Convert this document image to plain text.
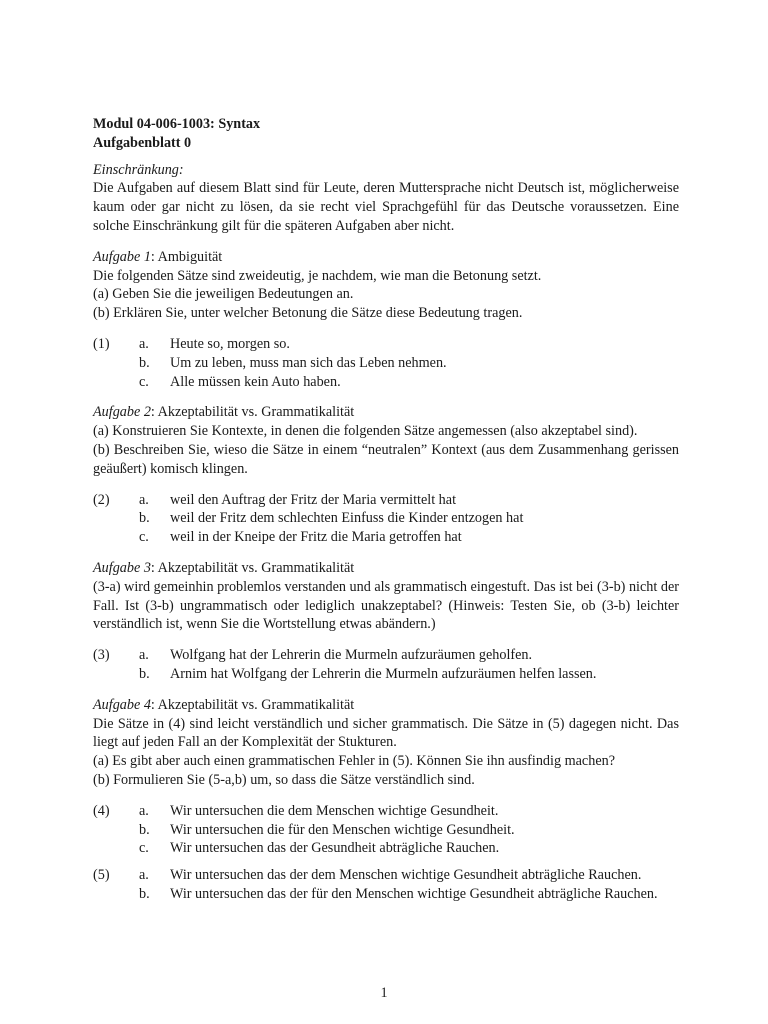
Modul 04-006-1003: Syntax
Aufgabenblatt 0
Einschränkung:
Die Aufgaben auf diesem Blatt sind für Leute, deren Muttersprache nicht Deutsch ist, möglicherweise kaum oder gar nicht zu lösen, da sie recht viel Sprachgefühl für das Deutsche voraussetzen. Eine solche Einschränkung gilt für die späteren Aufgaben aber nicht.
Aufgabe 1: Ambiguität
Die folgenden Sätze sind zweideutig, je nachdem, wie man die Betonung setzt.
(a) Geben Sie die jeweiligen Bedeutungen an.
(b) Erklären Sie, unter welcher Betonung die Sätze diese Bedeutung tragen.
(1) a. Heute so, morgen so.
b. Um zu leben, muss man sich das Leben nehmen.
c. Alle müssen kein Auto haben.
Aufgabe 2: Akzeptabilität vs. Grammatikalität
(a) Konstruieren Sie Kontexte, in denen die folgenden Sätze angemessen (also akzeptabel sind).
(b) Beschreiben Sie, wieso die Sätze in einem “neutralen” Kontext (aus dem Zusammenhang gerissen geäußert) komisch klingen.
(2) a. weil den Auftrag der Fritz der Maria vermittelt hat
b. weil der Fritz dem schlechten Einfuss die Kinder entzogen hat
c. weil in der Kneipe der Fritz die Maria getroffen hat
Aufgabe 3: Akzeptabilität vs. Grammatikalität
(3-a) wird gemeinhin problemlos verstanden und als grammatisch eingestuft. Das ist bei (3-b) nicht der Fall. Ist (3-b) ungrammatisch oder lediglich unakzeptabel? (Hinweis: Testen Sie, ob (3-b) leichter verständlich ist, wenn Sie die Wortstellung etwas abändern.)
(3) a. Wolfgang hat der Lehrerin die Murmeln aufzuräumen geholfen.
b. Arnim hat Wolfgang der Lehrerin die Murmeln aufzuräumen helfen lassen.
Aufgabe 4: Akzeptabilität vs. Grammatikalität
Die Sätze in (4) sind leicht verständlich und sicher grammatisch. Die Sätze in (5) dagegen nicht. Das liegt auf jeden Fall an der Komplexität der Stukturen.
(a) Es gibt aber auch einen grammatischen Fehler in (5). Können Sie ihn ausfindig machen?
(b) Formulieren Sie (5-a,b) um, so dass die Sätze verständlich sind.
(4) a. Wir untersuchen die dem Menschen wichtige Gesundheit.
b. Wir untersuchen die für den Menschen wichtige Gesundheit.
c. Wir untersuchen das der Gesundheit abträgliche Rauchen.
(5) a. Wir untersuchen das der dem Menschen wichtige Gesundheit abträgliche Rauchen.
b. Wir untersuchen das der für den Menschen wichtige Gesundheit abträgliche Rauchen.
1
